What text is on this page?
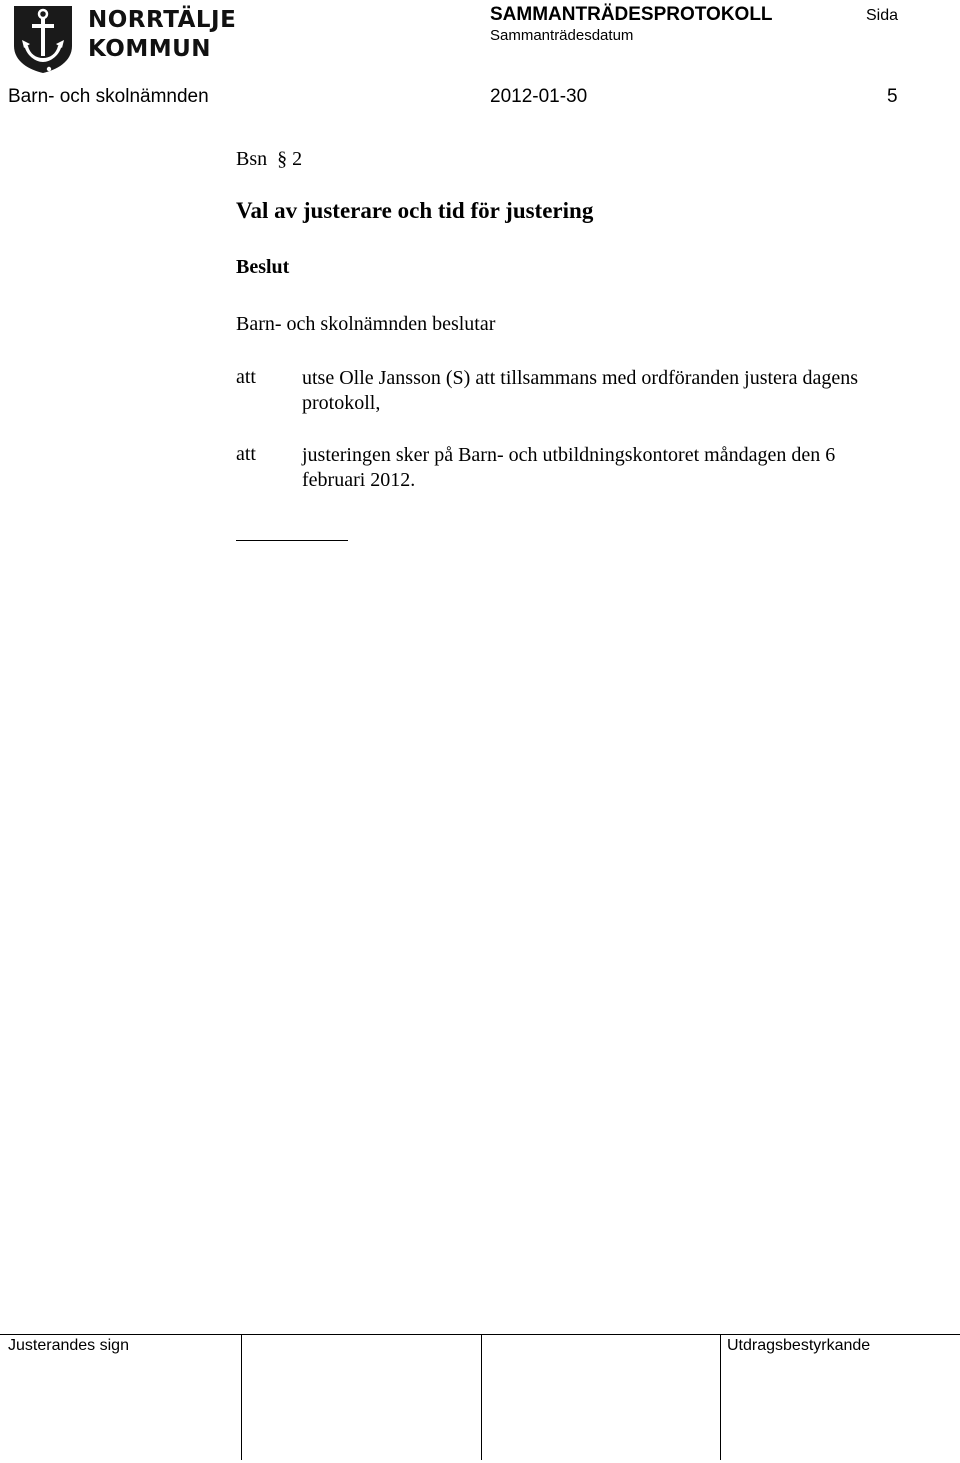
NORRTÄLJE
KOMMUN
SAMMANTRÄDESPROTOKOLL
Sammanträdesdatum
Sida
Barn- och skolnämnden	2012-01-30	5
Bsn  § 2
Val av justerare och tid för justering
Beslut
Barn- och skolnämnden beslutar
att utse Olle Jansson (S) att tillsammans med ordföranden justera dagens protokoll,
att justeringen sker på Barn- och utbildningskontoret måndagen den 6 februari 2012.
Justerandes sign	Utdragsbestyrkande
